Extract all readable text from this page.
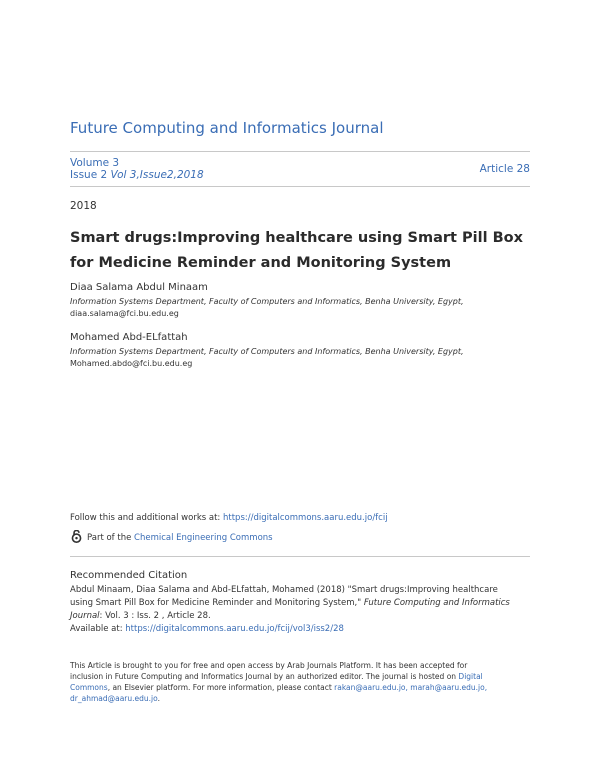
Future Computing and Informatics Journal
Volume 3
Issue 2 Vol 3,Issue2,2018	Article 28
2018
Smart drugs:Improving healthcare using Smart Pill Box for Medicine Reminder and Monitoring System
Diaa Salama Abdul Minaam
Information Systems Department, Faculty of Computers and Informatics, Benha University, Egypt,
diaa.salama@fci.bu.edu.eg
Mohamed Abd-ELfattah
Information Systems Department, Faculty of Computers and Informatics, Benha University, Egypt,
Mohamed.abdo@fci.bu.edu.eg
Follow this and additional works at: https://digitalcommons.aaru.edu.jo/fcij
Part of the Chemical Engineering Commons
Recommended Citation
Abdul Minaam, Diaa Salama and Abd-ELfattah, Mohamed (2018) "Smart drugs:Improving healthcare
using Smart Pill Box for Medicine Reminder and Monitoring System," Future Computing and Informatics
Journal: Vol. 3 : Iss. 2 , Article 28.
Available at: https://digitalcommons.aaru.edu.jo/fcij/vol3/iss2/28
This Article is brought to you for free and open access by Arab Journals Platform. It has been accepted for
inclusion in Future Computing and Informatics Journal by an authorized editor. The journal is hosted on Digital
Commons, an Elsevier platform. For more information, please contact rakan@aaru.edu.jo, marah@aaru.edu.jo,
dr_ahmad@aaru.edu.jo.
